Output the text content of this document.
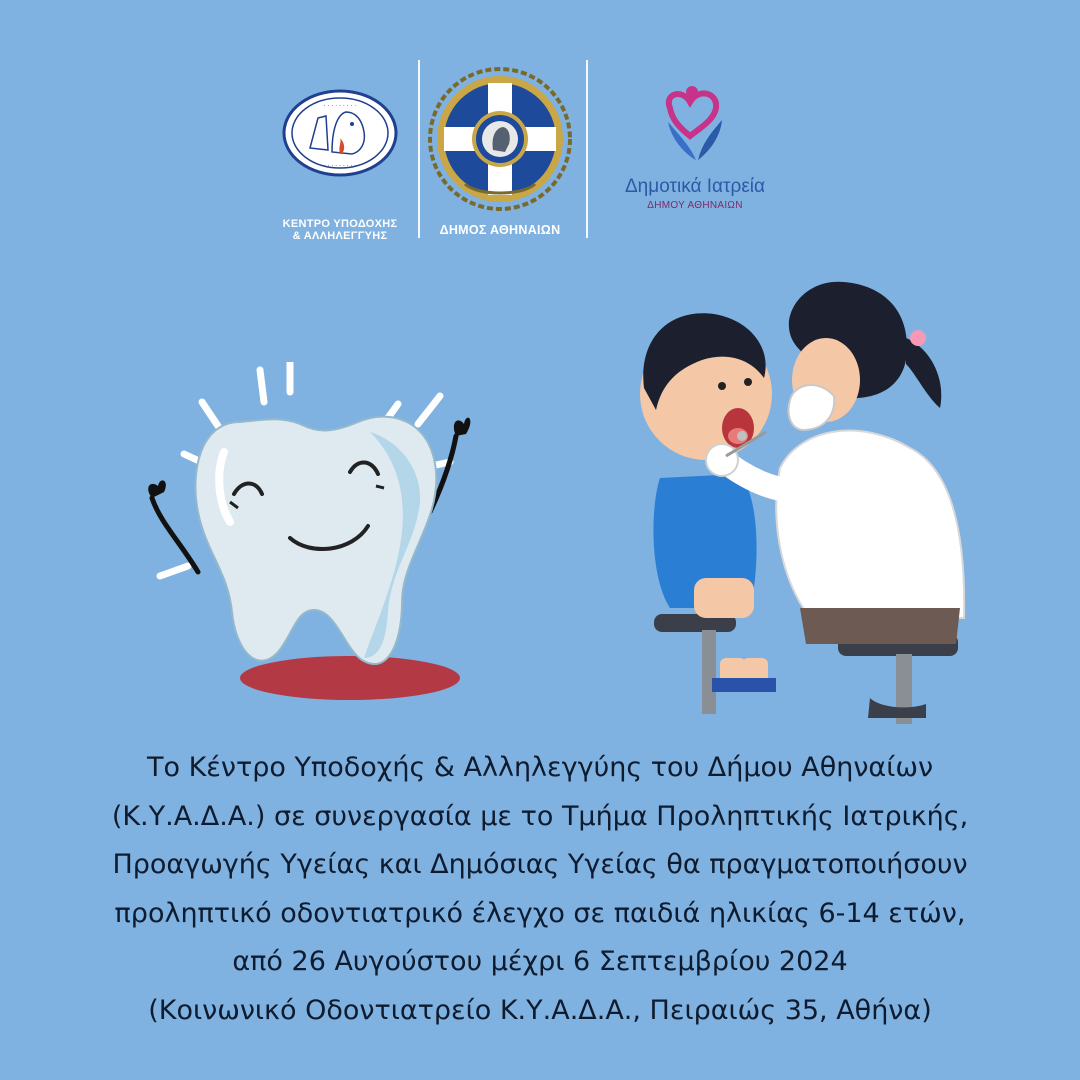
· · · · · · · · ·
· · · · · · · · ·
ΚΕΝΤΡΟ ΥΠΟΔΟΧΗΣ
& ΑΛΛΗΛΕΓΓΥΗΣ	ΔΗΜΟΣ ΑΘΗΝΑΙΩΝ
Δημοτικά Ιατρεία
ΔΗΜΟΥ ΑΘΗΝΑΙΩΝ
Το Κέντρο Υποδοχής & Αλληλεγγύης του Δήμου Αθηναίων
(Κ.Υ.Α.Δ.Α.) σε συνεργασία με το Τμήμα Προληπτικής Ιατρικής,
Προαγωγής Υγείας και Δημόσιας Υγείας θα πραγματοποιήσουν
προληπτικό οδοντιατρικό έλεγχο σε παιδιά ηλικίας 6-14 ετών,
από 26 Αυγούστου μέχρι 6 Σεπτεμβρίου 2024
(Κοινωνικό Οδοντιατρείο Κ.Υ.Α.Δ.Α., Πειραιώς 35, Αθήνα)
